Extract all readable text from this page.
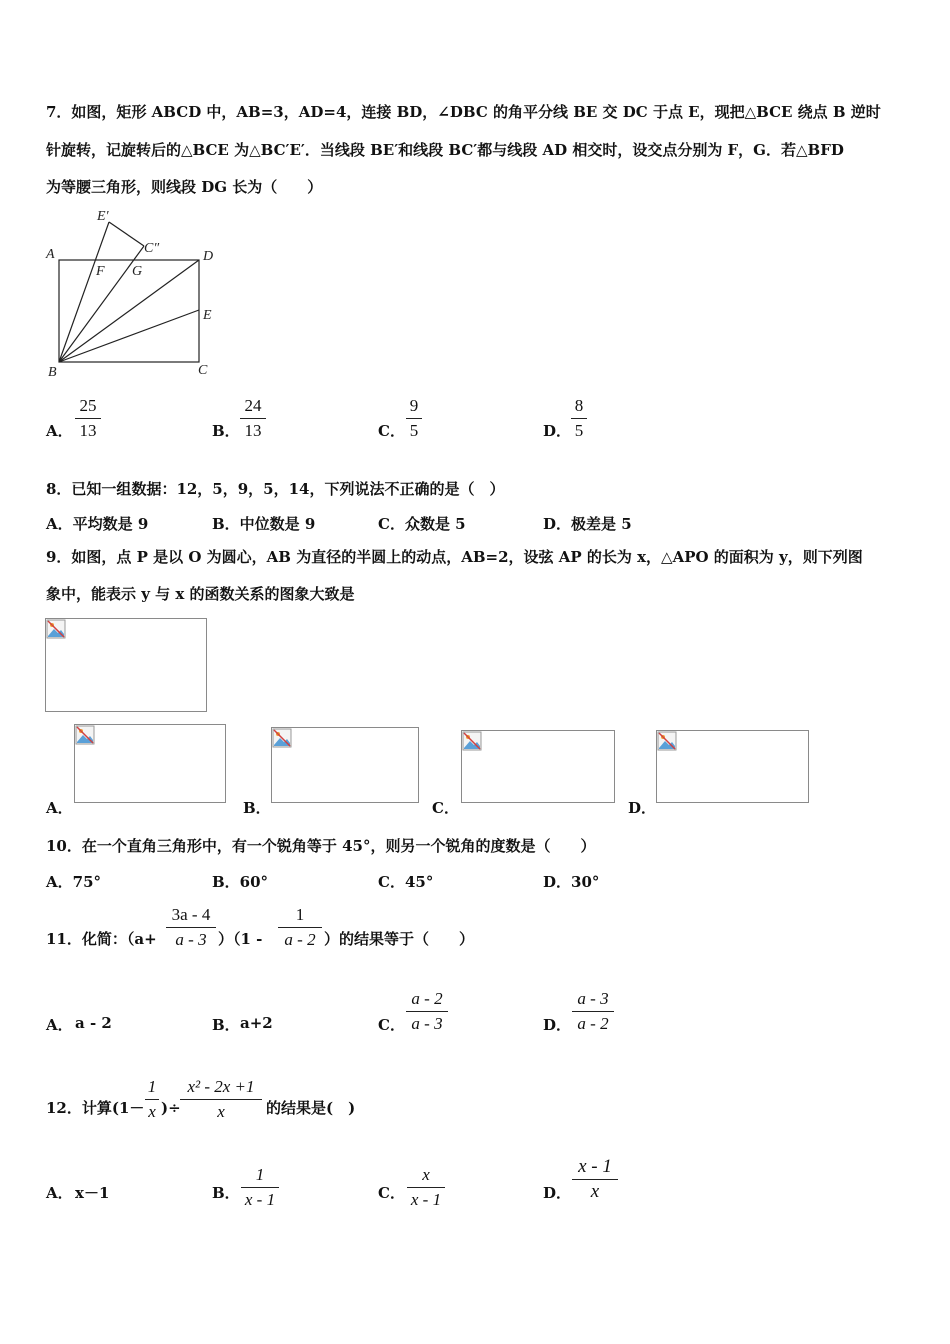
7．如图，矩形 ABCD 中，AB=3，AD=4，连接 BD，∠DBC 的角平分线 BE 交 DC 于点 E，现把△BCE 绕点 B 逆时
针旋转，记旋转后的△BCE 为△BC′E′．当线段 BE′和线段 BC′都与线段 AD 相交时，设交点分别为 F，G．若△BFD
为等腰三角形，则线段 DG 长为（　　）
A
B	C
D
E
E′
C″
F G
A．
25
13	B．
24
13	C．
9
5	D．
8
5
8．已知一组数据：12，5，9，5，14，下列说法不正确的是（　）
A．平均数是 9	B．中位数是 9	C．众数是 5	D．极差是 5
9．如图，点 P 是以 O 为圆心，AB 为直径的半圆上的动点，AB=2，设弦 AP 的长为 x，△APO 的面积为 y，则下列图
象中，能表示 y 与 x 的函数关系的图象大致是
A．	B．	C．	D．
10．在一个直角三角形中，有一个锐角等于 45°，则另一个锐角的度数是（　　）
A．75°	B．60°	C．45°	D．30°
11．化简：（a+
3a - 4
a - 3 ）（1 -
1
a - 2 ）的结果等于（　　）
A． a - 2	B． a+2	C．
a - 2
a - 3	D．
a - 3
a - 2
12．计算(1－
1
x )÷
x² - 2x +1
x	的结果是(　)
A． x－1	B．
1
x - 1	C．
x
x - 1	D．
x - 1
x
